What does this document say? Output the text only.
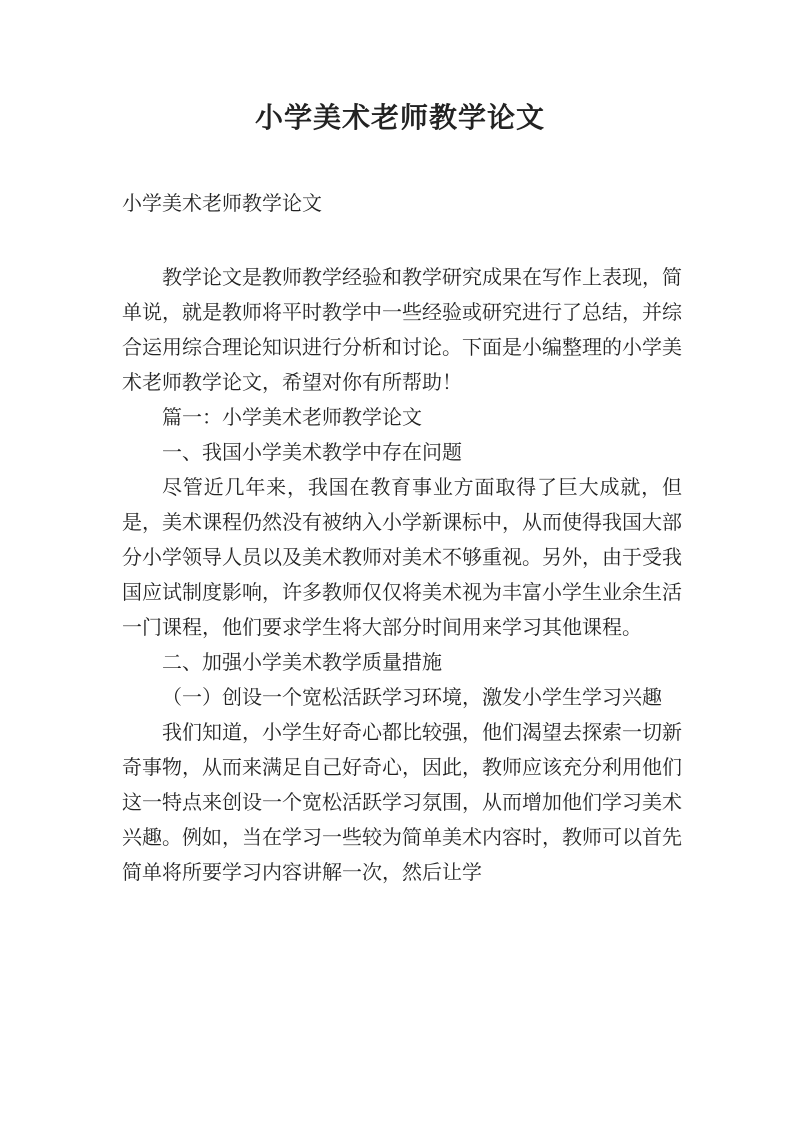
小学美术老师教学论文
小学美术老师教学论文

教学论文是教师教学经验和教学研究成果在写作上表现，简单说，就是教师将平时教学中一些经验或研究进行了总结，并综合运用综合理论知识进行分析和讨论。下面是小编整理的小学美术老师教学论文，希望对你有所帮助！

篇一：小学美术老师教学论文

一、我国小学美术教学中存在问题

尽管近几年来，我国在教育事业方面取得了巨大成就，但是，美术课程仍然没有被纳入小学新课标中，从而使得我国大部分小学领导人员以及美术教师对美术不够重视。另外，由于受我国应试制度影响，许多教师仅仅将美术视为丰富小学生业余生活一门课程，他们要求学生将大部分时间用来学习其他课程。

二、加强小学美术教学质量措施

（一）创设一个宽松活跃学习环境，激发小学生学习兴趣

我们知道，小学生好奇心都比较强，他们渴望去探索一切新奇事物，从而来满足自己好奇心，因此，教师应该充分利用他们这一特点来创设一个宽松活跃学习氛围，从而增加他们学习美术兴趣。例如，当在学习一些较为简单美术内容时，教师可以首先简单将所要学习内容讲解一次，然后让学
